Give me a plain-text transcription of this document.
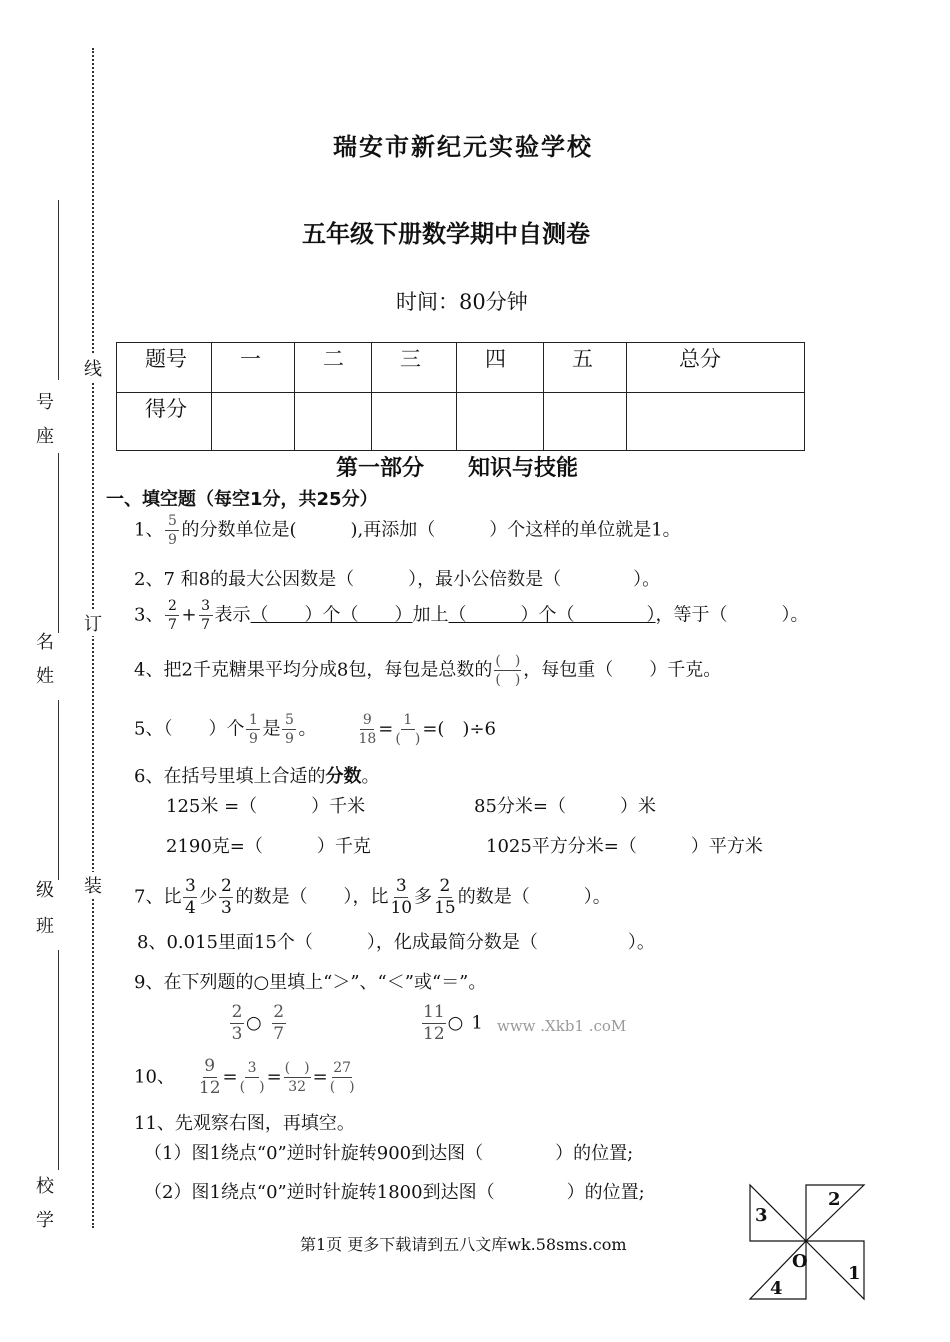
号
座
名
姓
级
班
校
学
线
订
装
瑞安市新纪元实验学校
五年级下册数学期中自测卷
时间：80分钟
题号	一	二	三	四	五	总分
得分						
第一部分　　知识与技能
一、填空题（每空1分，共25分）
1、 $\frac{5}{9}$ 的分数单位是(　　　),再添加（　　　）个这样的单位就是1。
2、7 和8的最大公因数是（　　　），最小公倍数是（　　　　）。
3、 $\frac{2}{7} + \frac{3}{7}$ 表示（　　）个（　　）加上（　　　）个（　　　　），等于（　　　）。
4、把2千克糖果平均分成8包，每包是总数的 $\frac{( )}{( )}$ ，每包重（　　）千克。
5、（　　）个 $\frac{1}{9}$ 是 $\frac{5}{9}$ 。	$\frac{9}{18} = \frac{1}{( )}$ =(　)÷6
6、在括号里填上合适的分数。
125米 =（　　　）千米	85分米=（　　　）米
2190克=（　　　）千克	1025平方分米=（　　　）平方米
7、比 $\frac{3}{4}$ 少 $\frac{2}{3}$ 的数是（　　），比 $\frac{3}{10}$ 多 $\frac{2}{15}$ 的数是（　　　）。
8、0.015里面15个（　　　），化成最简分数是（　　　　　）。
9、在下列题的○里填上“＞”、“＜”或“＝”。
$\frac{2}{3}$ ○ $\frac{2}{7}$	$\frac{11}{12}$ ○ 1 www .Xkb1 .coM
10、 $\frac{9}{12} = \frac{3}{( )} = \frac{( )}{32} = \frac{27}{( )}$
11、先观察右图，再填空。
（1）图1绕点“0”逆时针旋转900到达图（　　　　）的位置;
（2）图1绕点“0”逆时针旋转1800到达图（　　　　）的位置;	2
3
O
1
4
第1页 更多下载请到五八文库wk.58sms.com
